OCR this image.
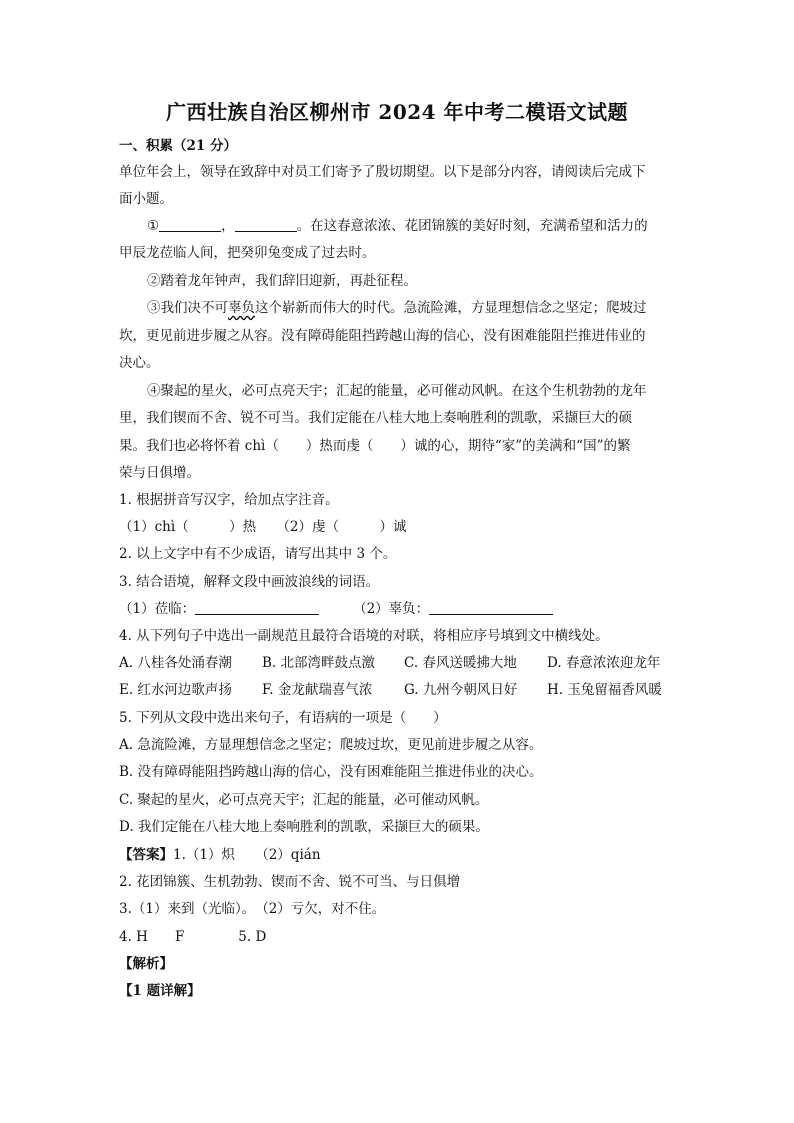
广西壮族自治区柳州市 2024 年中考二模语文试题
一、积累（21 分）
单位年会上，领导在致辞中对员工们寄予了殷切期望。以下是部分内容，请阅读后完成下
面小题。
①	，	。在这春意浓浓、花团锦簇的美好时刻，充满希望和活力的
甲辰龙莅临人间，把癸卯兔变成了过去时。
②踏着龙年钟声，我们辞旧迎新，再赴征程。
③我们决不可辜负这个崭新而伟大的时代。急流险滩，方显理想信念之坚定；爬坡过
坎，更见前进步履之从容。没有障碍能阻挡跨越山海的信心，没有困难能阻拦推进伟业的
决心。
④聚起的星火，必可点亮天宇；汇起的能量，必可催动风帆。在这个生机勃勃的龙年
里，我们锲而不舍、锐不可当。我们定能在八桂大地上奏响胜利的凯歌，采撷巨大的硕
果。我们也必将怀着 chì（　　）热而虔（　　）诚的心，期待“家”的美满和“国”的繁
荣与日俱增。
1. 根据拼音写汉字，给加点字注音。
（1）chì（　　　）热　　（2）虔（　　　）诚
2. 以上文字中有不少成语，请写出其中 3 个。
3. 结合语境，解释文段中画波浪线的词语。
（1）莅临：	（2）辜负：
4. 从下列句子中选出一副规范且最符合语境的对联，将相应序号填到文中横线处。
A. 八桂各处涌春潮 B. 北部湾畔鼓点激 C. 春风送暖拂大地 D. 春意浓浓迎龙年
E. 红水河边歌声扬 F. 金龙献瑞喜气浓 G. 九州今朝风日好 H. 玉兔留福香风暖
5. 下列从文段中选出来句子，有语病的一项是（　　）
A. 急流险滩，方显理想信念之坚定；爬坡过坎，更见前进步履之从容。
B. 没有障碍能阻挡跨越山海的信心，没有困难能阻兰推进伟业的决心。
C. 聚起的星火，必可点亮天宇；汇起的能量，必可催动风帆。
D. 我们定能在八桂大地上奏响胜利的凯歌，采撷巨大的硕果。
【答案】1.（1）炽　　（2）qián
2. 花团锦簇、生机勃勃、锲而不舍、锐不可当、与日俱增
3.（1）来到（光临）。　（2）亏欠，对不住。
4. H　　F　　　　5. D
【解析】
【1 题详解】
